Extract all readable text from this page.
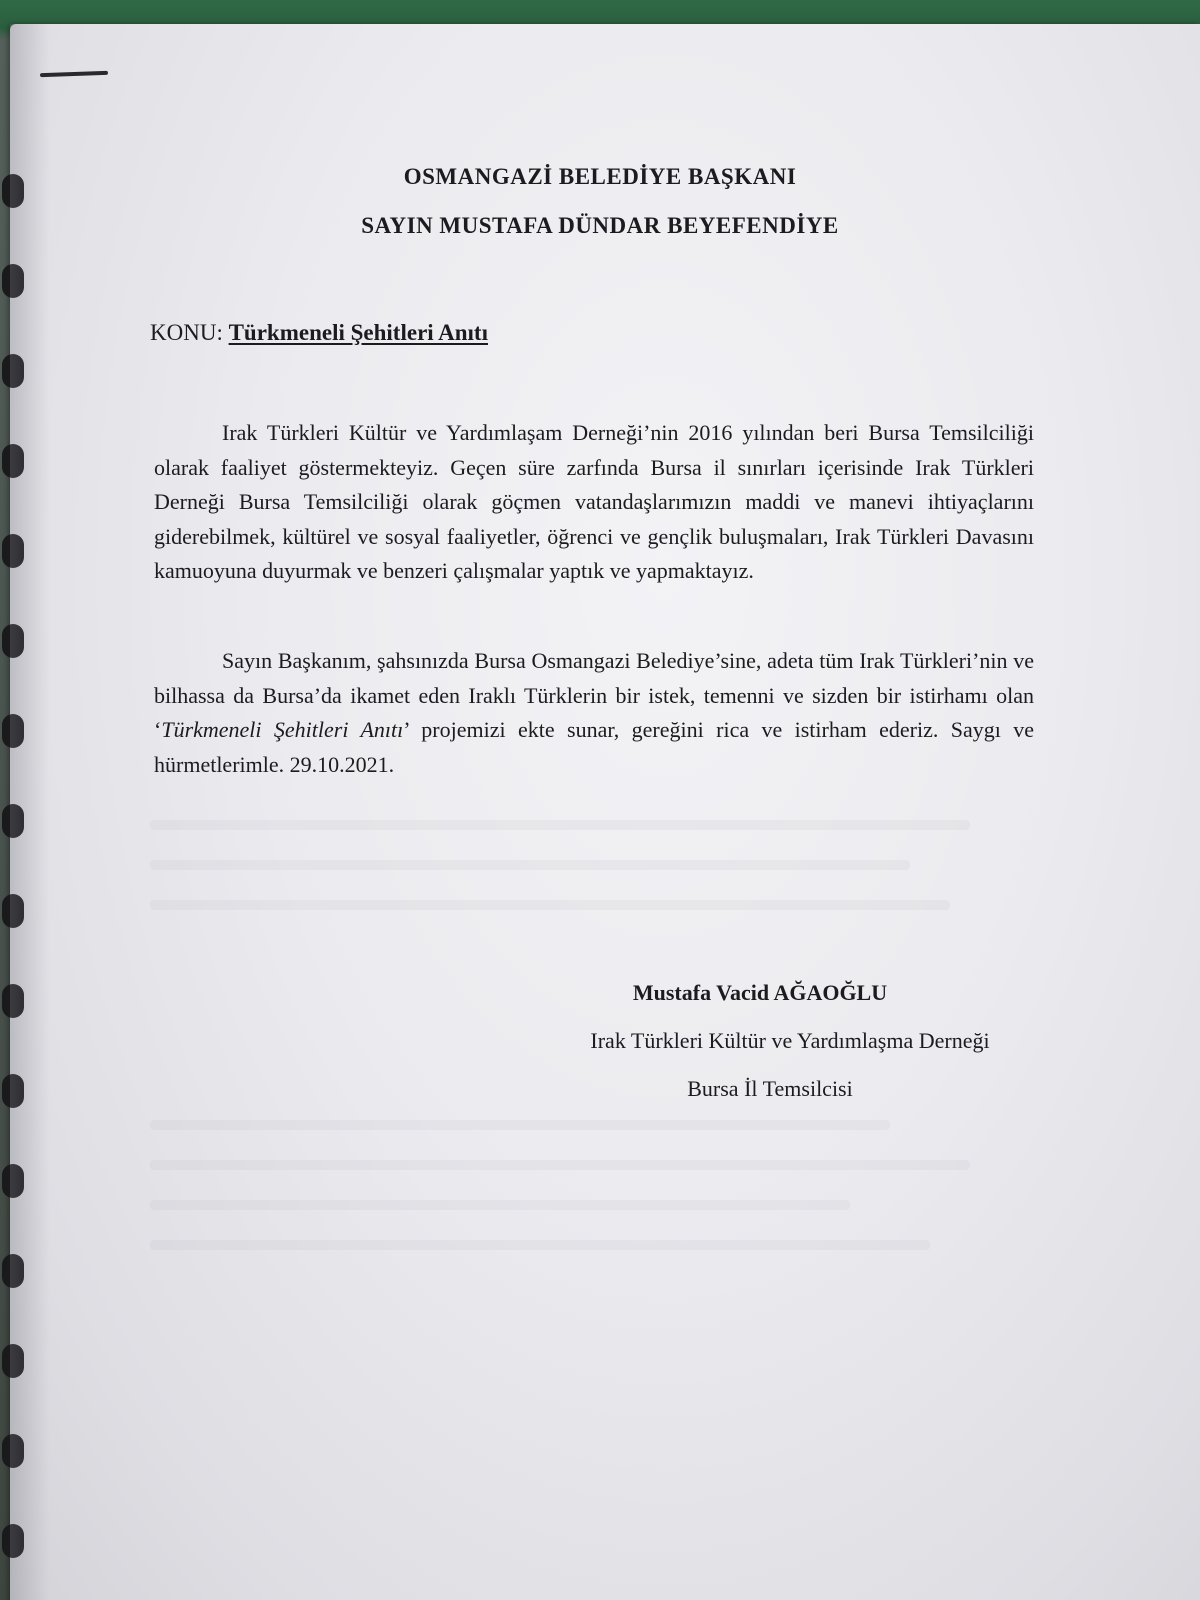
OSMANGAZİ BELEDİYE BAŞKANI
SAYIN MUSTAFA DÜNDAR BEYEFENDİYE
KONU: Türkmeneli Şehitleri Anıtı

Irak Türkleri Kültür ve Yardımlaşam Derneği’nin 2016 yılından beri Bursa Temsilciliği olarak faaliyet göstermekteyiz. Geçen süre zarfında Bursa il sınırları içerisinde Irak Türkleri Derneği Bursa Temsilciliği olarak göçmen vatandaşlarımızın maddi ve manevi ihtiyaçlarını giderebilmek, kültürel ve sosyal faaliyetler, öğrenci ve gençlik buluşmaları, Irak Türkleri Davasını kamuoyuna duyurmak ve benzeri çalışmalar yaptık ve yapmaktayız.

Sayın Başkanım, şahsınızda Bursa Osmangazi Belediye’sine, adeta tüm Irak Türkleri’nin ve bilhassa da Bursa’da ikamet eden Iraklı Türklerin bir istek, temenni ve sizden bir istirhamı olan ‘Türkmeneli Şehitleri Anıtı’ projemizi ekte sunar, gereğini rica ve istirham ederiz. Saygı ve hürmetlerimle. 29.10.2021.

Mustafa Vacid AĞAOĞLU
Irak Türkleri Kültür ve Yardımlaşma Derneği
Bursa İl Temsilcisi
